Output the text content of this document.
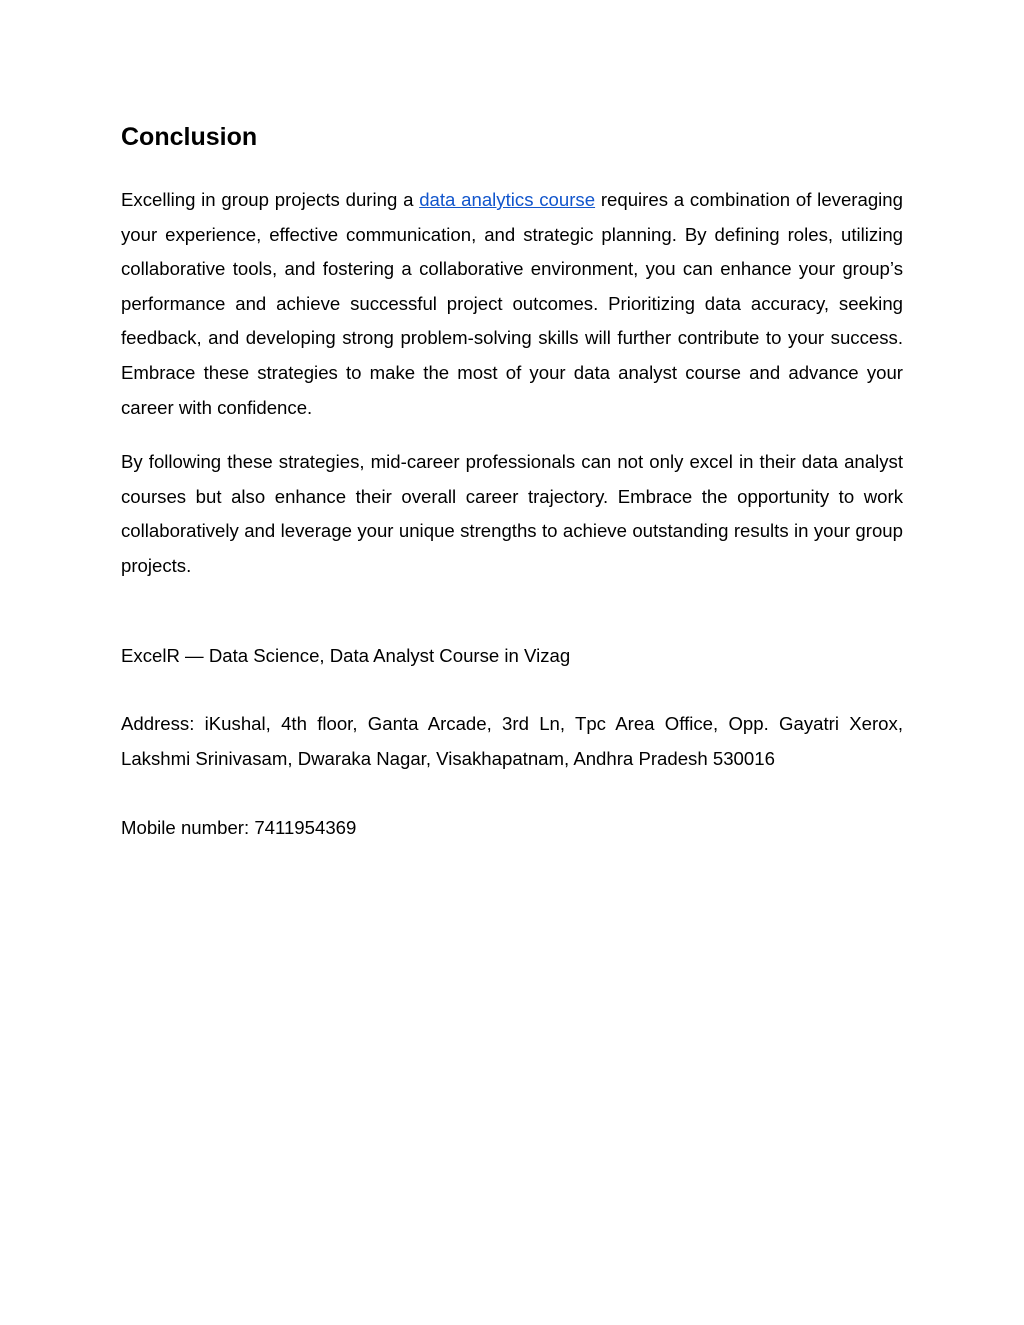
Conclusion

Excelling in group projects during a data analytics course requires a combination of leveraging your experience, effective communication, and strategic planning. By defining roles, utilizing collaborative tools, and fostering a collaborative environment, you can enhance your group’s performance and achieve successful project outcomes. Prioritizing data accuracy, seeking feedback, and developing strong problem-solving skills will further contribute to your success. Embrace these strategies to make the most of your data analyst course and advance your career with confidence.

By following these strategies, mid-career professionals can not only excel in their data analyst courses but also enhance their overall career trajectory. Embrace the opportunity to work collaboratively and leverage your unique strengths to achieve outstanding results in your group projects.

ExcelR — Data Science, Data Analyst Course in Vizag

Address: iKushal, 4th floor, Ganta Arcade, 3rd Ln, Tpc Area Office, Opp. Gayatri Xerox, Lakshmi Srinivasam, Dwaraka Nagar, Visakhapatnam, Andhra Pradesh 530016

Mobile number: 7411954369
